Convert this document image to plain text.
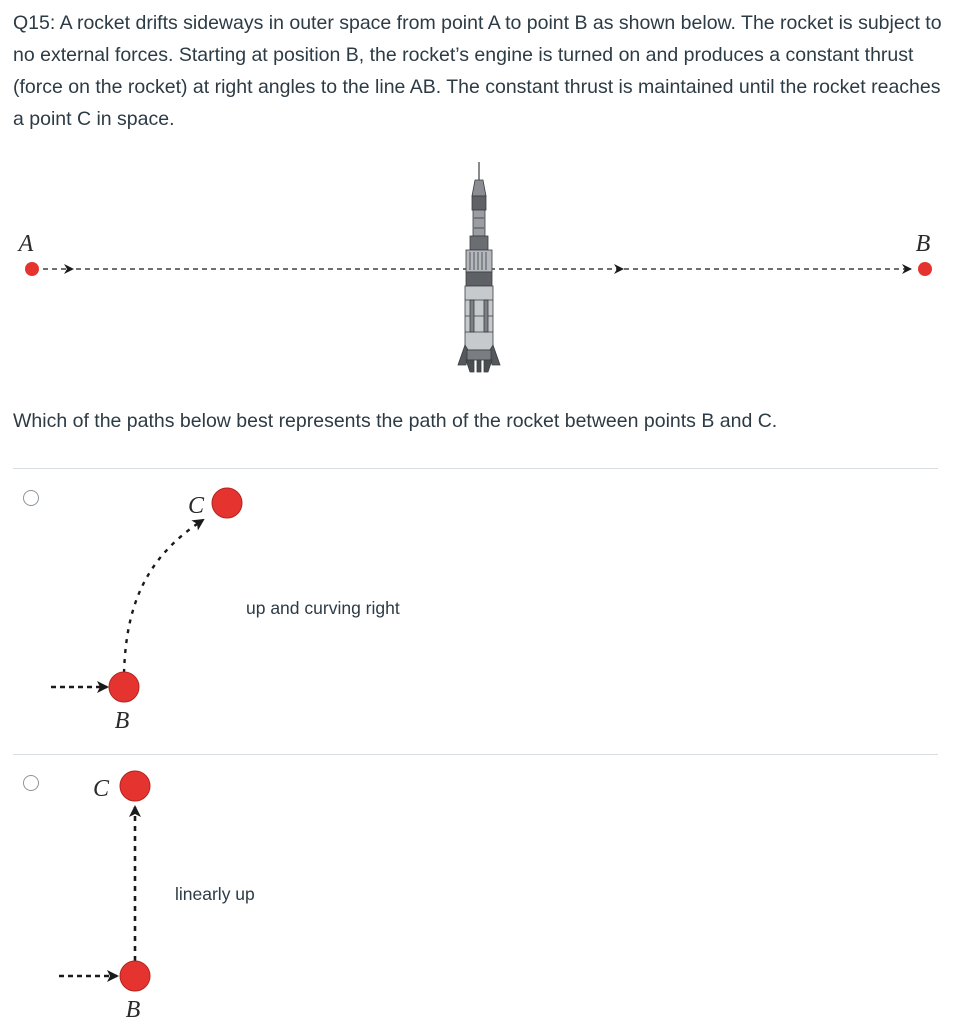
Q15: A rocket drifts sideways in outer space from point A to point B as shown below. The rocket is subject to no external forces. Starting at position B, the rocket’s engine is turned on and produces a constant thrust (force on the rocket) at right angles to the line AB. The constant thrust is maintained until the rocket reaches a point C in space.

A	B

Which of the paths below best represents the path of the rocket between points B and C.

C
B
up and curving right
C
B
linearly up
